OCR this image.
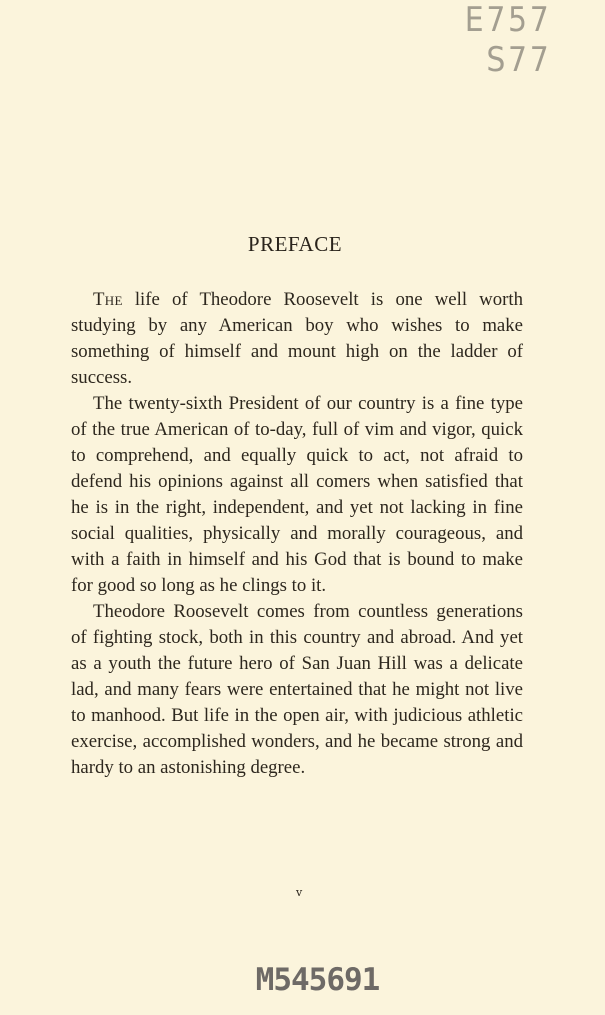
E757
S77
PREFACE

The life of Theodore Roosevelt is one well worth studying by any American boy who wishes to make something of himself and mount high on the ladder of success.

The twenty-sixth President of our country is a fine type of the true American of to-day, full of vim and vigor, quick to comprehend, and equally quick to act, not afraid to defend his opinions against all comers when satisfied that he is in the right, independent, and yet not lacking in fine social qualities, physically and morally courageous, and with a faith in himself and his God that is bound to make for good so long as he clings to it.

Theodore Roosevelt comes from countless generations of fighting stock, both in this country and abroad. And yet as a youth the future hero of San Juan Hill was a delicate lad, and many fears were entertained that he might not live to manhood. But life in the open air, with judicious athletic exercise, accomplished wonders, and he became strong and hardy to an astonishing degree.

v
M545691
